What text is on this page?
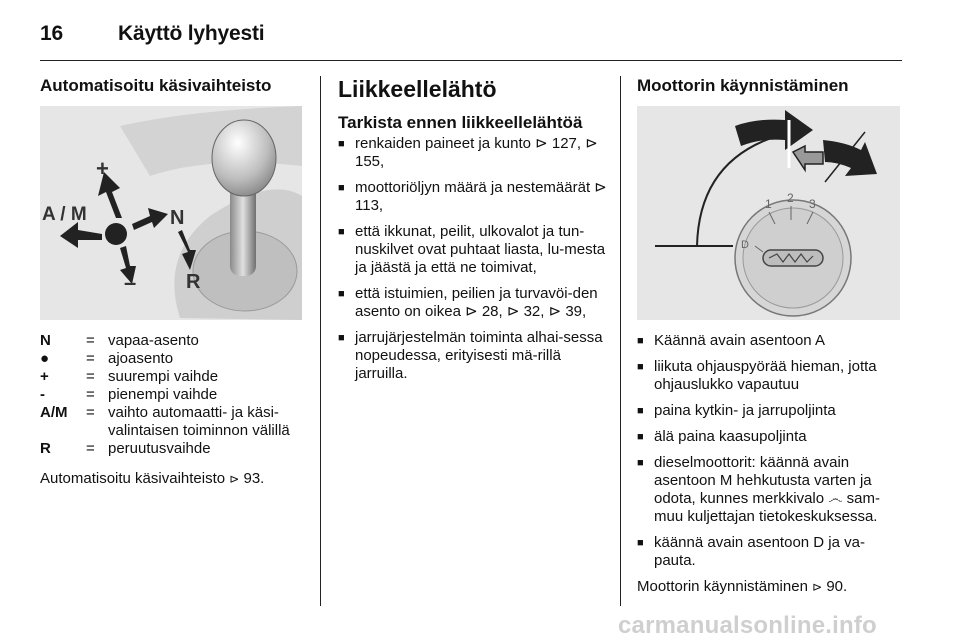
16	Käyttö lyhyesti
Automatisoitu käsivaihteisto
+
–
A / M	N
R
N	=	vapaa-asento
●	=	ajoasento
+	=	suurempi vaihde
-	=	pienempi vaihde
A/M	=	vaihto automaatti- ja käsi-valintaisen toiminnon välillä
R	=	peruutusvaihde

Automatisoitu käsivaihteisto ⊳ 93.

Liikkeellelähtö
Tarkista ennen liikkeellelähtöä
■ renkaiden paineet ja kunto ⊳ 127, ⊳ 155,
■ moottoriöljyn määrä ja nestemäärät ⊳ 113,
■ että ikkunat, peilit, ulkovalot ja tun-nuskilvet ovat puhtaat liasta, lu-mesta ja jäästä ja että ne toimivat,
■ että istuimien, peilien ja turvavöi-den asento on oikea ⊳ 28, ⊳ 32, ⊳ 39,
■ jarrujärjestelmän toiminta alhai-sessa nopeudessa, erityisesti mä-rillä jarruilla.
Moottorin käynnistäminen
1 2 3
D
■ Käännä avain asentoon A
■ liikuta ohjauspyörää hieman, jotta ohjauslukko vapautuu
■ paina kytkin- ja jarrupoljinta
■ älä paina kaasupoljinta
■ dieselmoottorit: käännä avain asentoon M hehkutusta varten ja odota, kunnes merkkivalo ෴ sam-muu kuljettajan tietokeskuksessa.
■ käännä avain asentoon D ja va-pauta.

Moottorin käynnistäminen ⊳ 90.

carmanualsonline.info
